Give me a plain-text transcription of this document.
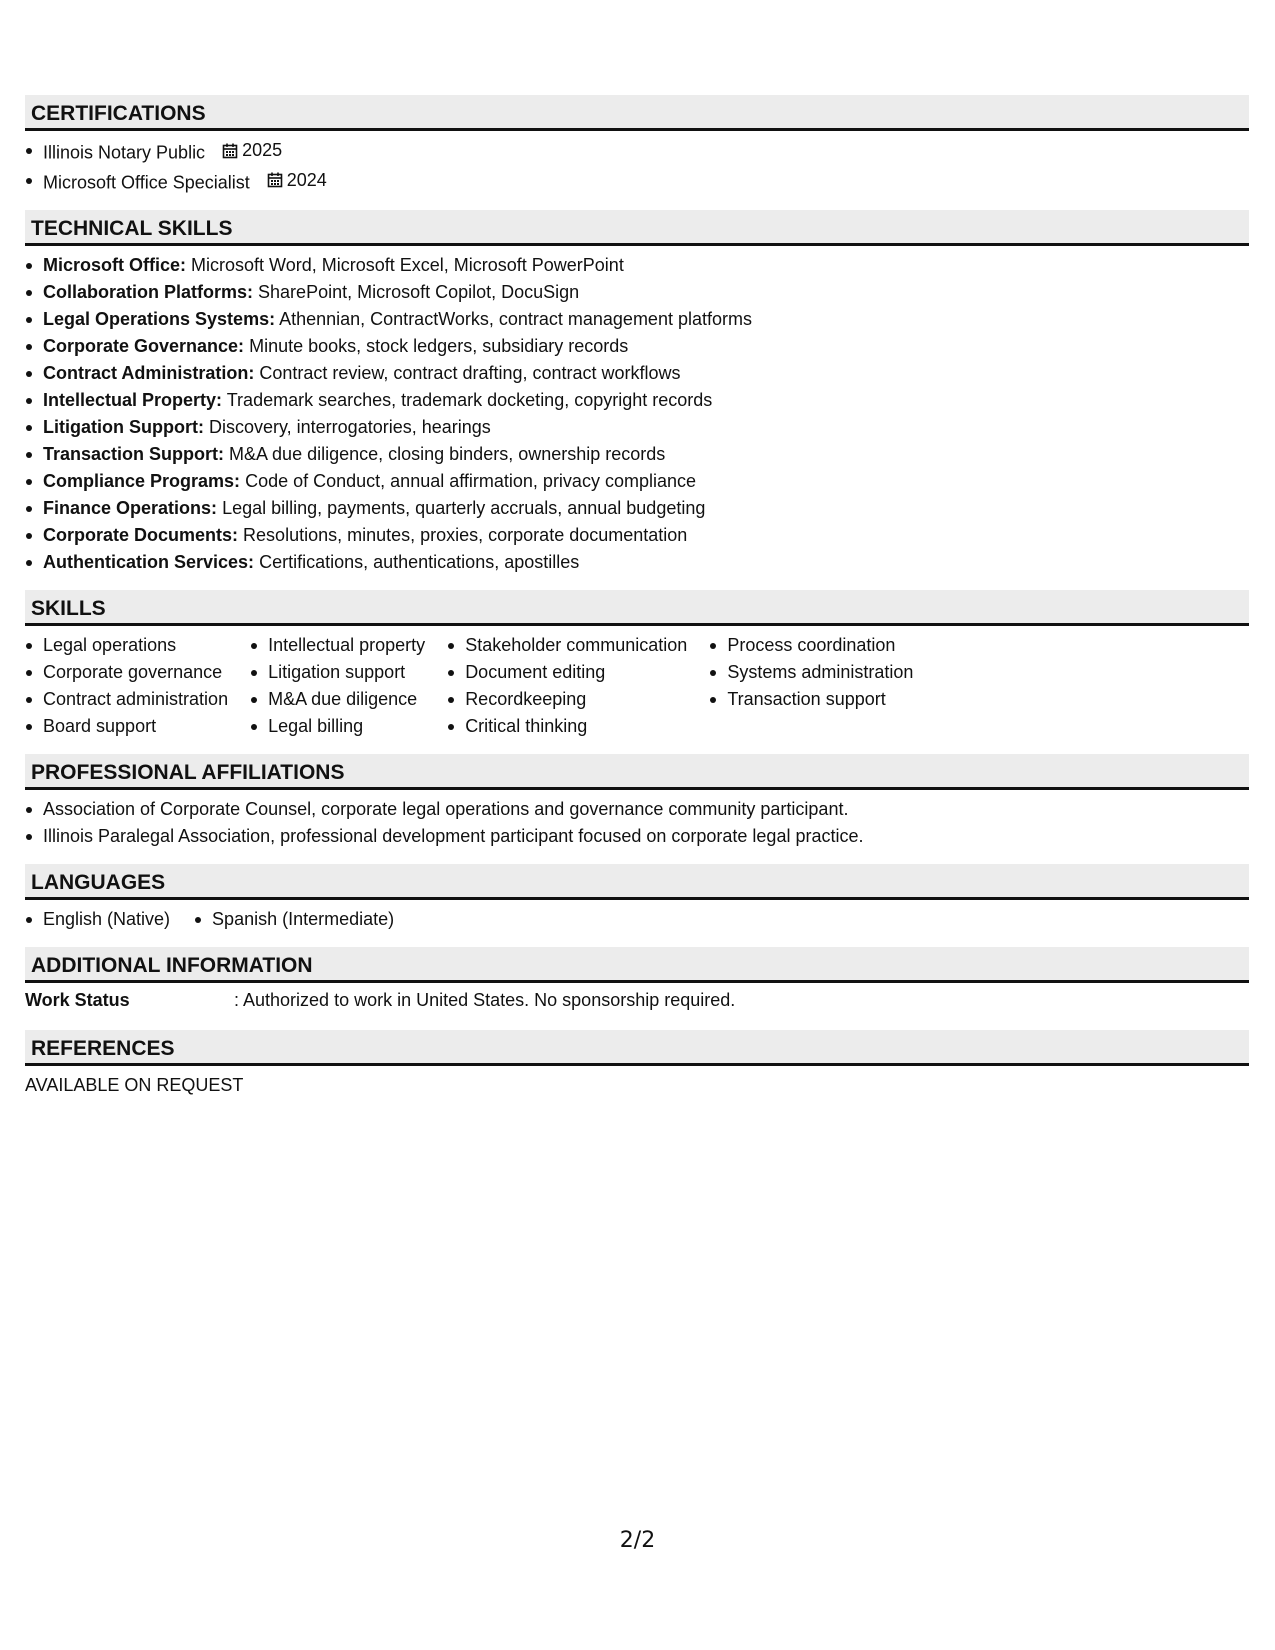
CERTIFICATIONS
Illinois Notary Public 2025
Microsoft Office Specialist 2024
TECHNICAL SKILLS
Microsoft Office: Microsoft Word, Microsoft Excel, Microsoft PowerPoint
Collaboration Platforms: SharePoint, Microsoft Copilot, DocuSign
Legal Operations Systems: Athennian, ContractWorks, contract management platforms
Corporate Governance: Minute books, stock ledgers, subsidiary records
Contract Administration: Contract review, contract drafting, contract workflows
Intellectual Property: Trademark searches, trademark docketing, copyright records
Litigation Support: Discovery, interrogatories, hearings
Transaction Support: M&A due diligence, closing binders, ownership records
Compliance Programs: Code of Conduct, annual affirmation, privacy compliance
Finance Operations: Legal billing, payments, quarterly accruals, annual budgeting
Corporate Documents: Resolutions, minutes, proxies, corporate documentation
Authentication Services: Certifications, authentications, apostilles
SKILLS
Legal operations
Corporate governance
Contract administration
Board support
Intellectual property
Litigation support
M&A due diligence
Legal billing
Stakeholder communication
Document editing
Recordkeeping
Critical thinking
Process coordination
Systems administration
Transaction support
PROFESSIONAL AFFILIATIONS
Association of Corporate Counsel, corporate legal operations and governance community participant.
Illinois Paralegal Association, professional development participant focused on corporate legal practice.
LANGUAGES
English (Native)	Spanish (Intermediate)
ADDITIONAL INFORMATION
Work Status	: Authorized to work in United States. No sponsorship required.
REFERENCES
AVAILABLE ON REQUEST
2/2
